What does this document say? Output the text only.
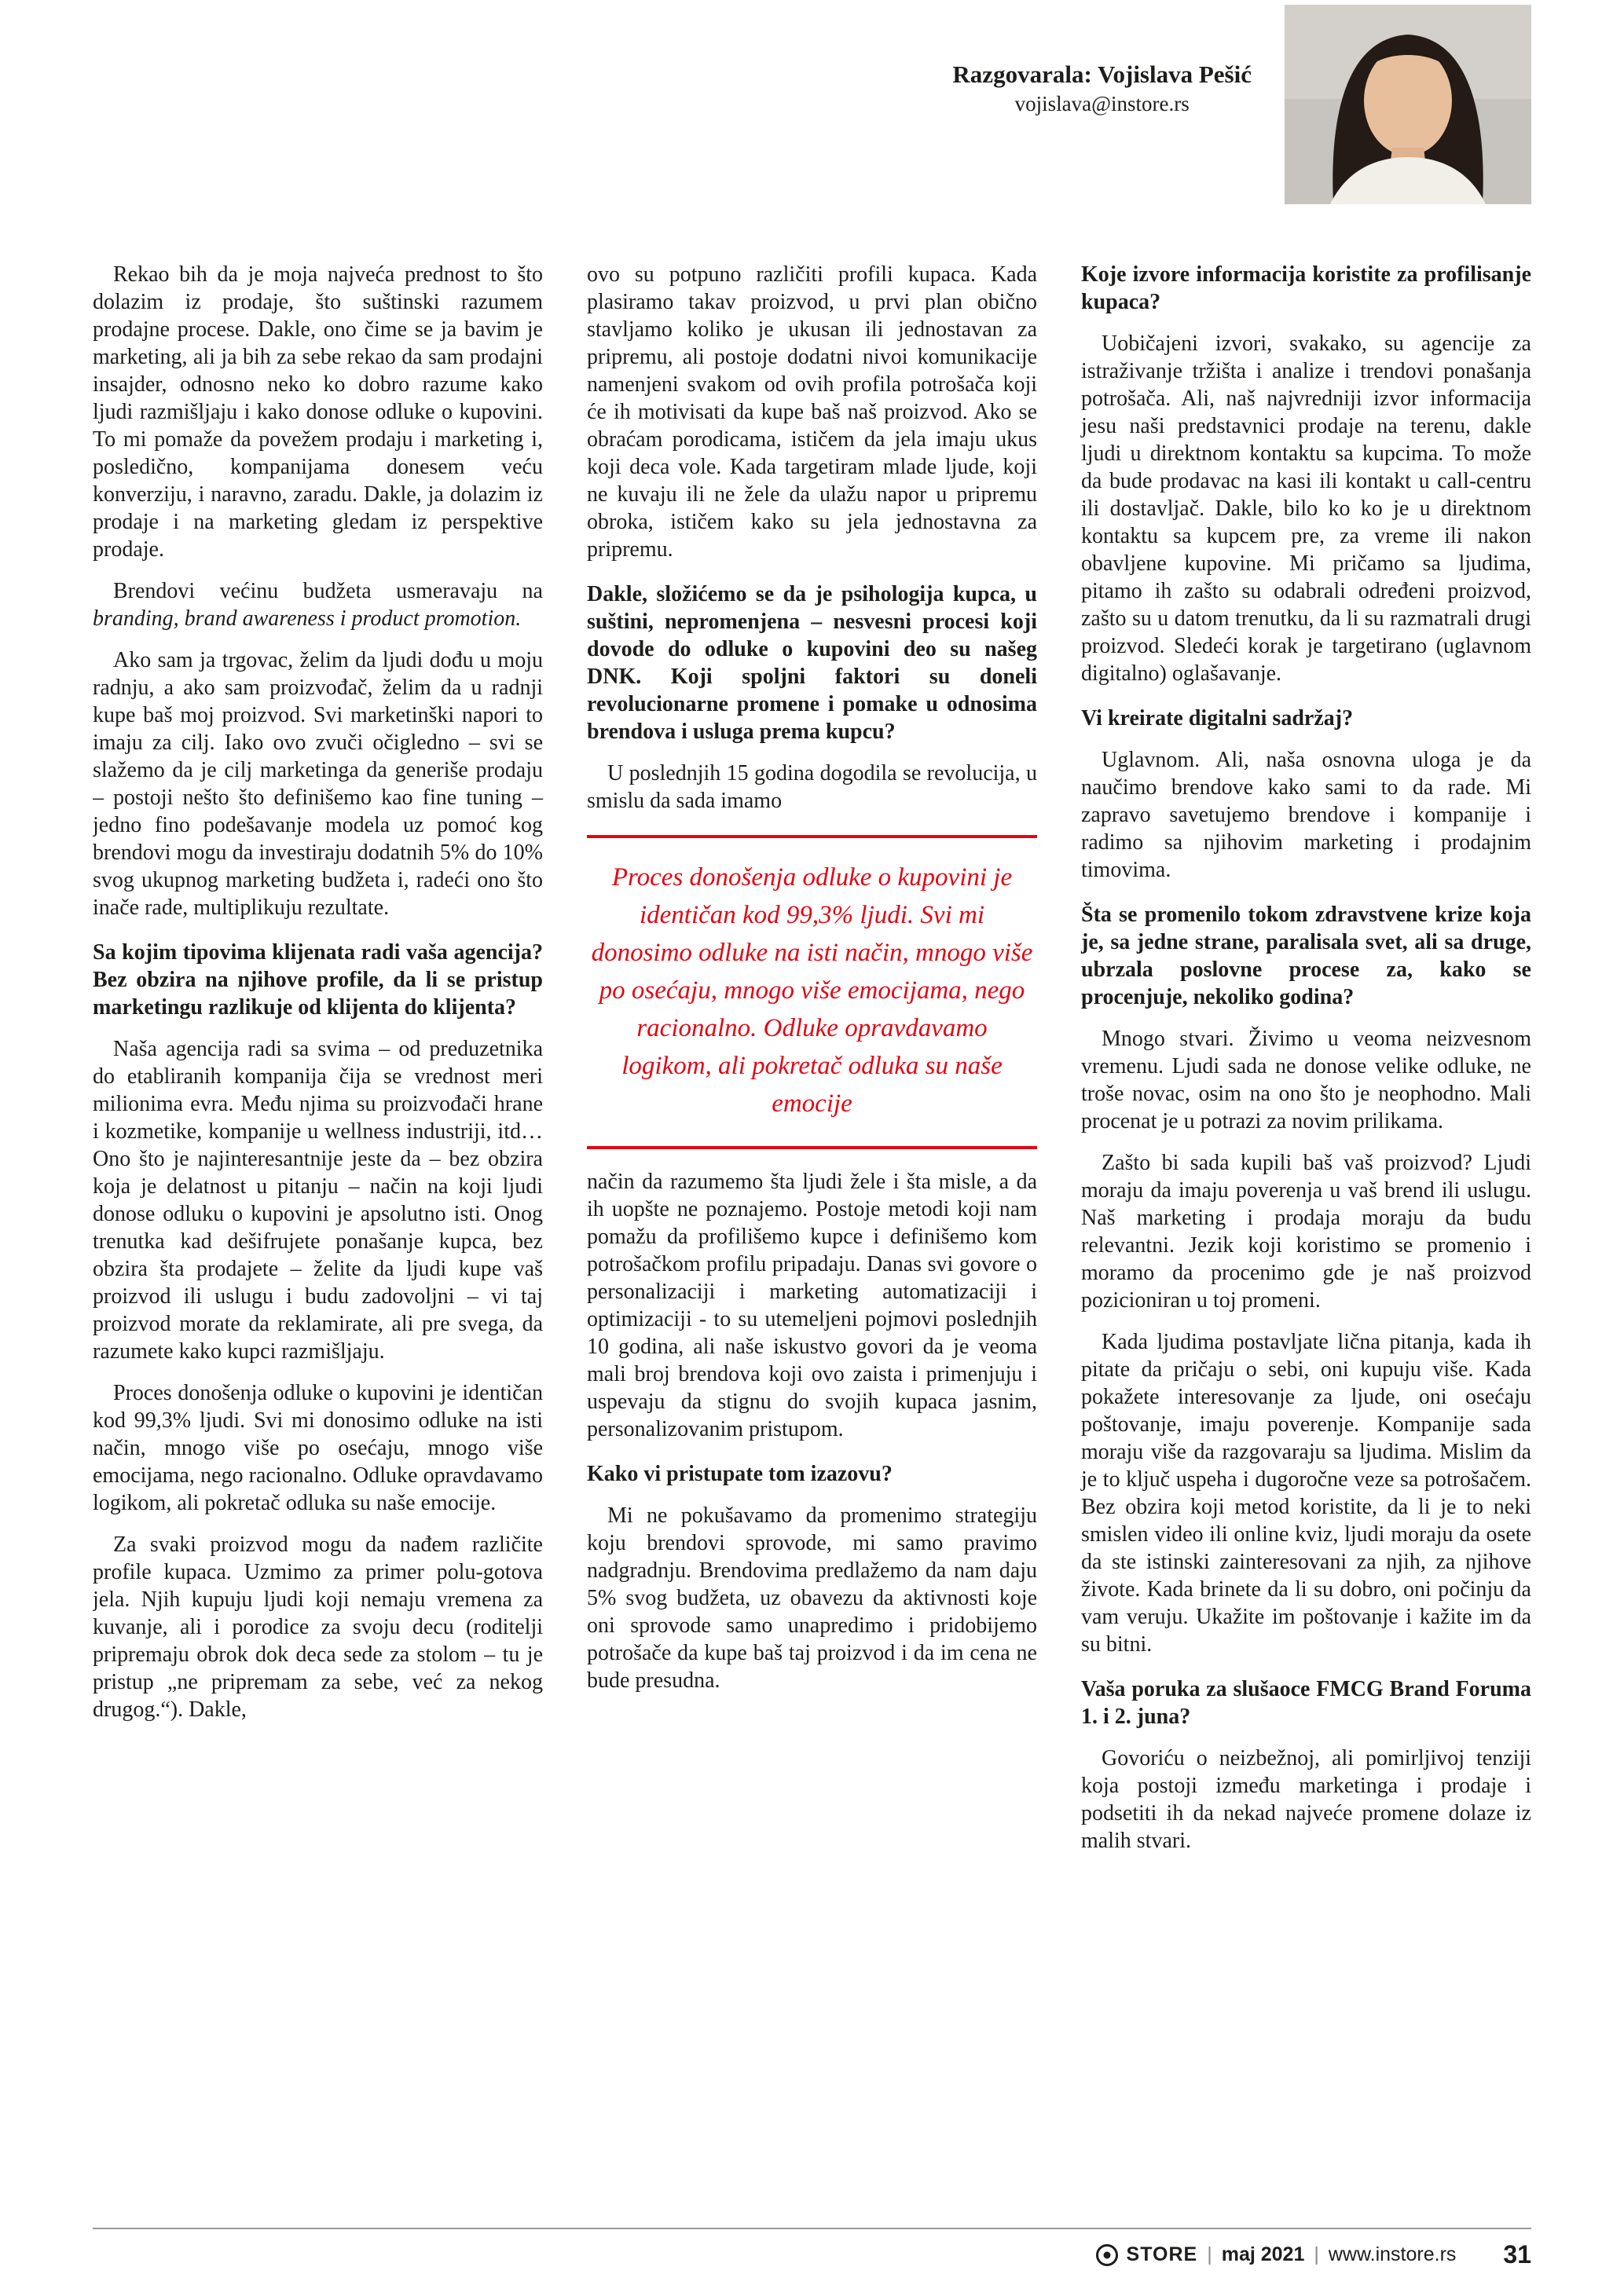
Razgovarala: Vojislava Pešić
vojislava@instore.rs

Rekao bih da je moja najveća prednost to što dolazim iz prodaje, što suštinski razumem prodajne procese. Dakle, ono čime se ja bavim je marketing, ali ja bih za sebe rekao da sam prodajni insajder, odnosno neko ko dobro razume kako ljudi razmišljaju i kako donose odluke o kupovini. To mi pomaže da povežem prodaju i marketing i, posledično, kompanijama donesem veću konverziju, i naravno, zaradu. Dakle, ja dolazim iz prodaje i na marketing gledam iz perspektive prodaje.

Brendovi većinu budžeta usmeravaju na branding, brand awareness i product promotion.

Ako sam ja trgovac, želim da ljudi dođu u moju radnju, a ako sam proizvođač, želim da u radnji kupe baš moj proizvod. Svi marketinški napori to imaju za cilj. Iako ovo zvuči očigledno – svi se slažemo da je cilj marketinga da generiše prodaju – postoji nešto što definišemo kao fine tuning – jedno fino podešavanje modela uz pomoć kog brendovi mogu da investiraju dodatnih 5% do 10% svog ukupnog marketing budžeta i, radeći ono što inače rade, multiplikuju rezultate.

Sa kojim tipovima klijenata radi vaša agencija? Bez obzira na njihove profile, da li se pristup marketingu razlikuje od klijenta do klijenta?

Naša agencija radi sa svima – od preduzetnika do etabliranih kompanija čija se vrednost meri milionima evra. Među njima su proizvođači hrane i kozmetike, kompanije u wellness industriji, itd… Ono što je najinteresantnije jeste da – bez obzira koja je delatnost u pitanju – način na koji ljudi donose odluku o kupovini je apsolutno isti. Onog trenutka kad dešifrujete ponašanje kupca, bez obzira šta prodajete – želite da ljudi kupe vaš proizvod ili uslugu i budu zadovoljni – vi taj proizvod morate da reklamirate, ali pre svega, da razumete kako kupci razmišljaju.

Proces donošenja odluke o kupovini je identičan kod 99,3% ljudi. Svi mi donosimo odluke na isti način, mnogo više po osećaju, mnogo više emocijama, nego racionalno. Odluke opravdavamo logikom, ali pokretač odluka su naše emocije.

Za svaki proizvod mogu da nađem različite profile kupaca. Uzmimo za primer polu-gotova jela. Njih kupuju ljudi koji nemaju vremena za kuvanje, ali i porodice za svoju decu (roditelji pripremaju obrok dok deca sede za stolom – tu je pristup „ne pripremam za sebe, već za nekog drugog.“). Dakle,

ovo su potpuno različiti profili kupaca. Kada plasiramo takav proizvod, u prvi plan obično stavljamo koliko je ukusan ili jednostavan za pripremu, ali postoje dodatni nivoi komunikacije namenjeni svakom od ovih profila potrošača koji će ih motivisati da kupe baš naš proizvod. Ako se obraćam porodicama, ističem da jela imaju ukus koji deca vole. Kada targetiram mlade ljude, koji ne kuvaju ili ne žele da ulažu napor u pripremu obroka, ističem kako su jela jednostavna za pripremu.

Dakle, složićemo se da je psihologija kupca, u suštini, nepromenjena – nesvesni procesi koji dovode do odluke o kupovini deo su našeg DNK. Koji spoljni faktori su doneli revolucionarne promene i pomake u odnosima brendova i usluga prema kupcu?

U poslednjih 15 godina dogodila se revolucija, u smislu da sada imamo

Proces donošenja odluke o kupovini je identičan kod 99,3% ljudi. Svi mi donosimo odluke na isti način, mnogo više po osećaju, mnogo više emocijama, nego racionalno. Odluke opravdavamo logikom, ali pokretač odluka su naše emocije

način da razumemo šta ljudi žele i šta misle, a da ih uopšte ne poznajemo. Postoje metodi koji nam pomažu da profilišemo kupce i definišemo kom potrošačkom profilu pripadaju. Danas svi govore o personalizaciji i marketing automatizaciji i optimizaciji - to su utemeljeni pojmovi poslednjih 10 godina, ali naše iskustvo govori da je veoma mali broj brendova koji ovo zaista i primenjuju i uspevaju da stignu do svojih kupaca jasnim, personalizovanim pristupom.

Kako vi pristupate tom izazovu?

Mi ne pokušavamo da promenimo strategiju koju brendovi sprovode, mi samo pravimo nadgradnju. Brendovima predlažemo da nam daju 5% svog budžeta, uz obavezu da aktivnosti koje oni sprovode samo unapredimo i pridobijemo potrošače da kupe baš taj proizvod i da im cena ne bude presudna.

Koje izvore informacija koristite za profilisanje kupaca?

Uobičajeni izvori, svakako, su agencije za istraživanje tržišta i analize i trendovi ponašanja potrošača. Ali, naš najvredniji izvor informacija jesu naši predstavnici prodaje na terenu, dakle ljudi u direktnom kontaktu sa kupcima. To može da bude prodavac na kasi ili kontakt u call-centru ili dostavljač. Dakle, bilo ko ko je u direktnom kontaktu sa kupcem pre, za vreme ili nakon obavljene kupovine. Mi pričamo sa ljudima, pitamo ih zašto su odabrali određeni proizvod, zašto su u datom trenutku, da li su razmatrali drugi proizvod. Sledeći korak je targetirano (uglavnom digitalno) oglašavanje.

Vi kreirate digitalni sadržaj?

Uglavnom. Ali, naša osnovna uloga je da naučimo brendove kako sami to da rade. Mi zapravo savetujemo brendove i kompanije i radimo sa njihovim marketing i prodajnim timovima.

Šta se promenilo tokom zdravstvene krize koja je, sa jedne strane, paralisala svet, ali sa druge, ubrzala poslovne procese za, kako se procenjuje, nekoliko godina?

Mnogo stvari. Živimo u veoma neizvesnom vremenu. Ljudi sada ne donose velike odluke, ne troše novac, osim na ono što je neophodno. Mali procenat je u potrazi za novim prilikama.

Zašto bi sada kupili baš vaš proizvod? Ljudi moraju da imaju poverenja u vaš brend ili uslugu. Naš marketing i prodaja moraju da budu relevantni. Jezik koji koristimo se promenio i moramo da procenimo gde je naš proizvod pozicioniran u toj promeni.

Kada ljudima postavljate lična pitanja, kada ih pitate da pričaju o sebi, oni kupuju više. Kada pokažete interesovanje za ljude, oni osećaju poštovanje, imaju poverenje. Kompanije sada moraju više da razgovaraju sa ljudima. Mislim da je to ključ uspeha i dugoročne veze sa potrošačem. Bez obzira koji metod koristite, da li je to neki smislen video ili online kviz, ljudi moraju da osete da ste istinski zainteresovani za njih, za njihove živote. Kada brinete da li su dobro, oni počinju da vam veruju. Ukažite im poštovanje i kažite im da su bitni.

Vaša poruka za slušaoce FMCG Brand Foruma 1. i 2. juna?

Govoriću o neizbežnoj, ali pomirljivoj tenziji koja postoji između marketinga i prodaje i podsetiti ih da nekad najveće promene dolaze iz malih stvari.

STORE | maj 2021 | www.instore.rs 31
